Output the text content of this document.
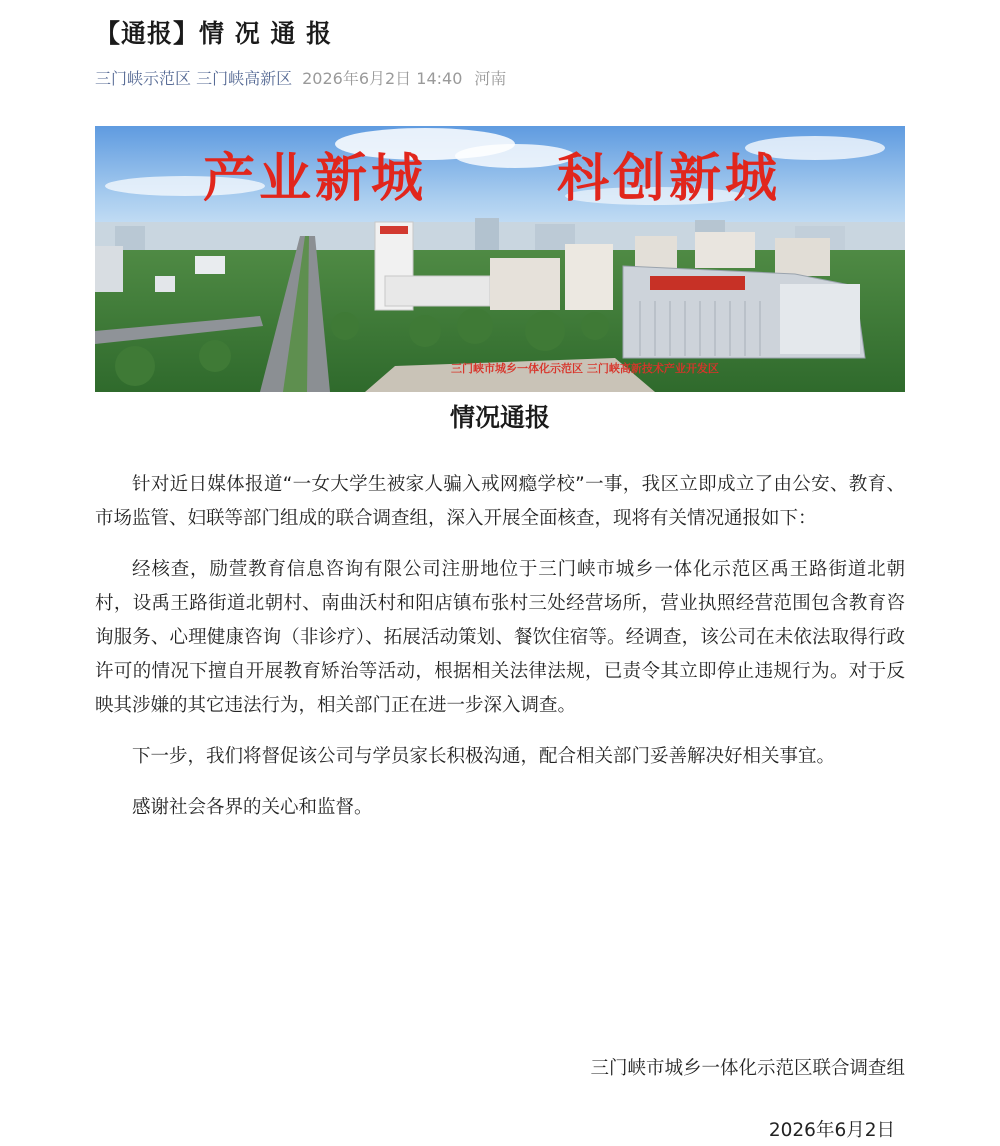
【通报】情 况 通 报
三门峡示范区 三门峡高新区 2026年6月2日 14:40 河南
产业新城 科创新城
三门峡市城乡一体化示范区 三门峡高新技术产业开发区
情况通报

针对近日媒体报道“一女大学生被家人骗入戒网瘾学校”一事，我区立即成立了由公安、教育、市场监管、妇联等部门组成的联合调查组，深入开展全面核查，现将有关情况通报如下：

经核查，励萱教育信息咨询有限公司注册地位于三门峡市城乡一体化示范区禹王路街道北朝村，设禹王路街道北朝村、南曲沃村和阳店镇布张村三处经营场所，营业执照经营范围包含教育咨询服务、心理健康咨询（非诊疗）、拓展活动策划、餐饮住宿等。经调查，该公司在未依法取得行政许可的情况下擅自开展教育矫治等活动，根据相关法律法规，已责令其立即停止违规行为。对于反映其涉嫌的其它违法行为，相关部门正在进一步深入调查。

下一步，我们将督促该公司与学员家长积极沟通，配合相关部门妥善解决好相关事宜。

感谢社会各界的关心和监督。

三门峡市城乡一体化示范区联合调查组
2026年6月2日
